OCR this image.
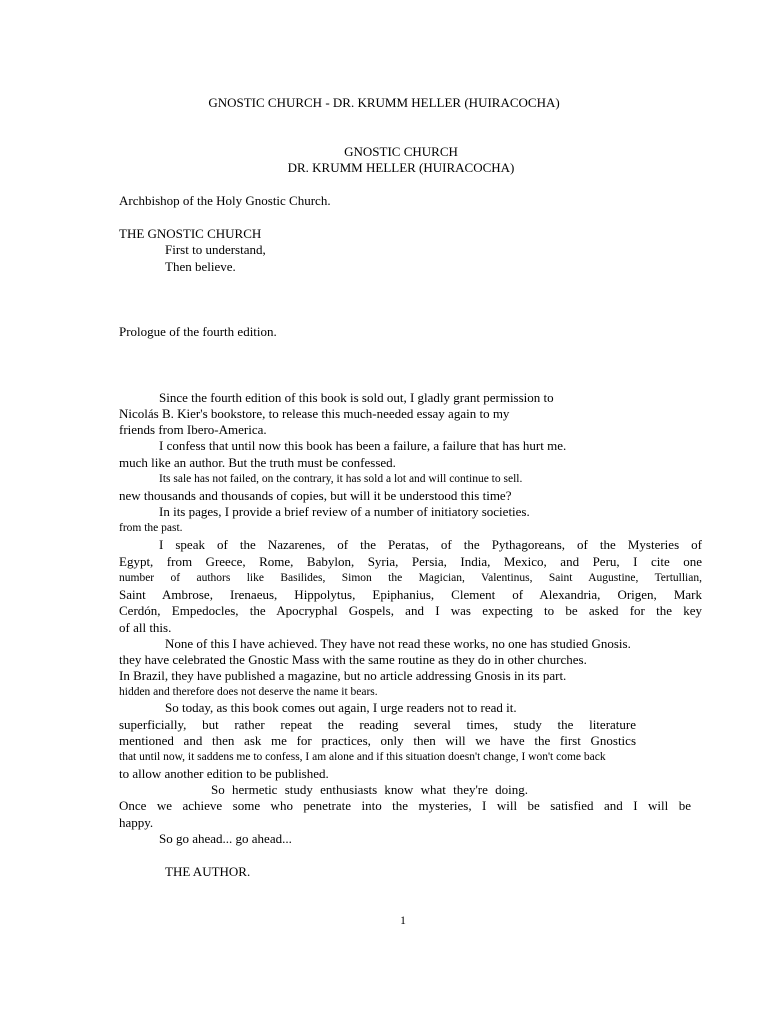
GNOSTIC CHURCH - DR. KRUMM HELLER (HUIRACOCHA)
GNOSTIC CHURCH
DR. KRUMM HELLER (HUIRACOCHA)
Archbishop of the Holy Gnostic Church.
THE GNOSTIC CHURCH
First to understand,
Then believe.
Prologue of the fourth edition.
Since the fourth edition of this book is sold out, I gladly grant permission to
Nicolás B. Kier's bookstore, to release this much-needed essay again to my
friends from Ibero-America.
I confess that until now this book has been a failure, a failure that has hurt me.
much like an author. But the truth must be confessed.
Its sale has not failed, on the contrary, it has sold a lot and will continue to sell.
new thousands and thousands of copies, but will it be understood this time?
In its pages, I provide a brief review of a number of initiatory societies.
from the past.
I speak of the Nazarenes, of the Peratas, of the Pythagoreans, of the Mysteries of
Egypt, from Greece, Rome, Babylon, Syria, Persia, India, Mexico, and Peru, I cite one
number of authors like Basilides, Simon the Magician, Valentinus, Saint Augustine, Tertullian,
Saint Ambrose, Irenaeus, Hippolytus, Epiphanius, Clement of Alexandria, Origen, Mark
Cerdón, Empedocles, the Apocryphal Gospels, and I was expecting to be asked for the key
of all this.
None of this I have achieved. They have not read these works, no one has studied Gnosis.
they have celebrated the Gnostic Mass with the same routine as they do in other churches.
In Brazil, they have published a magazine, but no article addressing Gnosis in its part.
hidden and therefore does not deserve the name it bears.
So today, as this book comes out again, I urge readers not to read it.
superficially, but rather repeat the reading several times, study the literature
mentioned and then ask me for practices, only then will we have the first Gnostics
that until now, it saddens me to confess, I am alone and if this situation doesn't change, I won't come back
to allow another edition to be published.
So hermetic study enthusiasts know what they're doing.
Once we achieve some who penetrate into the mysteries, I will be satisfied and I will be
happy.
So go ahead... go ahead...
THE AUTHOR.
1
